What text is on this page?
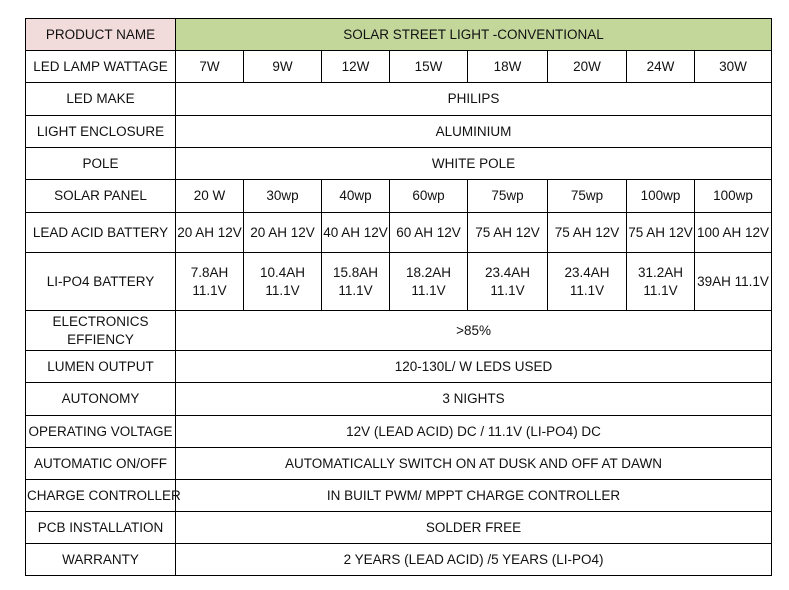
PRODUCT NAME	SOLAR STREET LIGHT -CONVENTIONAL							
LED LAMP WATTAGE	7W	9W	12W	15W	18W	20W	24W	30W
LED MAKE	PHILIPS							
LIGHT ENCLOSURE	ALUMINIUM							
POLE	WHITE POLE							
SOLAR PANEL	20 W	30wp	40wp	60wp	75wp	75wp	100wp	100wp
LEAD ACID BATTERY	20 AH 12V	20 AH 12V	40 AH 12V	60 AH 12V	75 AH 12V	75 AH 12V	75 AH 12V	100 AH 12V
LI-PO4 BATTERY	7.8AH 11.1V	10.4AH 11.1V	15.8AH 11.1V	18.2AH 11.1V	23.4AH 11.1V	23.4AH 11.1V	31.2AH 11.1V	39AH 11.1V
ELECTRONICS EFFIENCY	>85%							
LUMEN OUTPUT	120-130L/ W LEDS USED							
AUTONOMY	3 NIGHTS							
OPERATING VOLTAGE	12V (LEAD ACID) DC / 11.1V (LI-PO4) DC							
AUTOMATIC ON/OFF	AUTOMATICALLY SWITCH ON AT DUSK AND OFF AT DAWN							
CHARGE CONTROLLER	IN BUILT PWM/ MPPT CHARGE CONTROLLER							
PCB INSTALLATION	SOLDER FREE							
WARRANTY	2 YEARS (LEAD ACID) /5 YEARS (LI-PO4)							
